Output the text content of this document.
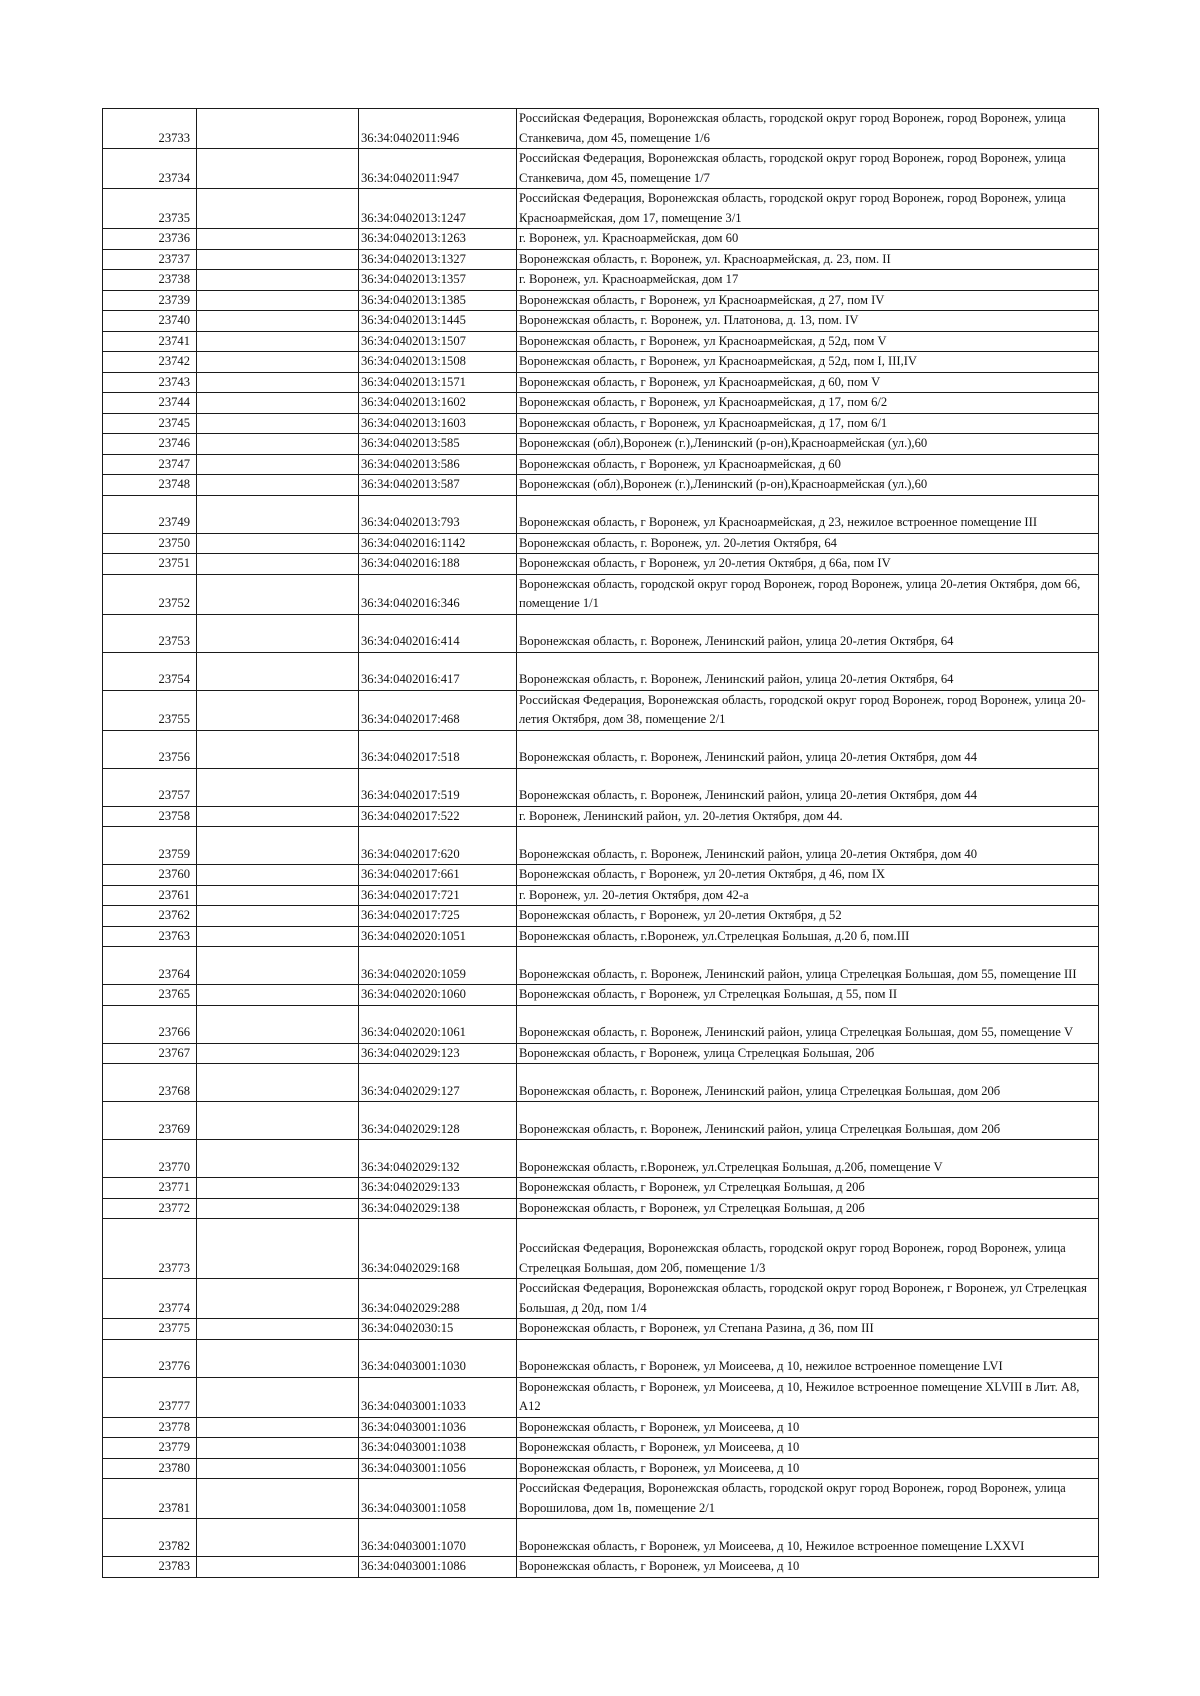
23733		36:34:0402011:946	Российская Федерация, Воронежская область, городской округ город Воронеж, город Воронеж, улица Станкевича, дом 45, помещение 1/6
23734		36:34:0402011:947	Российская Федерация, Воронежская область, городской округ город Воронеж, город Воронеж, улица Станкевича, дом 45, помещение 1/7
23735		36:34:0402013:1247	Российская Федерация, Воронежская область, городской округ город Воронеж, город Воронеж, улица Красноармейская, дом 17, помещение 3/1
23736		36:34:0402013:1263	г. Воронеж, ул. Красноармейская, дом 60
23737		36:34:0402013:1327	Воронежская область, г. Воронеж, ул. Красноармейская, д. 23, пом. II
23738		36:34:0402013:1357	г. Воронеж, ул. Красноармейская, дом 17
23739		36:34:0402013:1385	Воронежская область, г Воронеж, ул Красноармейская, д 27, пом IV
23740		36:34:0402013:1445	Воронежская область, г. Воронеж, ул. Платонова, д. 13, пом. IV
23741		36:34:0402013:1507	Воронежская область, г Воронеж, ул Красноармейская, д 52д, пом V
23742		36:34:0402013:1508	Воронежская область, г Воронеж, ул Красноармейская, д 52д, пом I, III,IV
23743		36:34:0402013:1571	Воронежская область, г Воронеж, ул Красноармейская, д 60, пом V
23744		36:34:0402013:1602	Воронежская область, г Воронеж, ул Красноармейская, д 17, пом 6/2
23745		36:34:0402013:1603	Воронежская область, г Воронеж, ул Красноармейская, д 17, пом 6/1
23746		36:34:0402013:585	Воронежская (обл),Воронеж (г.),Ленинский (р-он),Красноармейская (ул.),60
23747		36:34:0402013:586	Воронежская область, г Воронеж, ул Красноармейская, д 60
23748		36:34:0402013:587	Воронежская (обл),Воронеж (г.),Ленинский (р-он),Красноармейская (ул.),60
23749		36:34:0402013:793	Воронежская область, г Воронеж, ул Красноармейская, д 23, нежилое встроенное помещение III
23750		36:34:0402016:1142	Воронежская область, г. Воронеж, ул. 20-летия Октября, 64
23751		36:34:0402016:188	Воронежская область, г Воронеж, ул 20-летия Октября, д 66а, пом IV
23752		36:34:0402016:346	Воронежская область, городской округ город Воронеж, город Воронеж, улица 20-летия Октября, дом 66, помещение 1/1
23753		36:34:0402016:414	Воронежская область, г. Воронеж, Ленинский район, улица 20-летия Октября, 64
23754		36:34:0402016:417	Воронежская область, г. Воронеж, Ленинский район, улица 20-летия Октября, 64
23755		36:34:0402017:468	Российская Федерация, Воронежская область, городской округ город Воронеж, город Воронеж, улица 20-летия Октября, дом 38, помещение 2/1
23756		36:34:0402017:518	Воронежская область, г. Воронеж, Ленинский район, улица 20-летия Октября, дом 44
23757		36:34:0402017:519	Воронежская область, г. Воронеж, Ленинский район, улица 20-летия Октября, дом 44
23758		36:34:0402017:522	г. Воронеж, Ленинский район, ул. 20-летия Октября, дом 44.
23759		36:34:0402017:620	Воронежская область, г. Воронеж, Ленинский район, улица 20-летия Октября, дом 40
23760		36:34:0402017:661	Воронежская область, г Воронеж, ул 20-летия Октября, д 46, пом IX
23761		36:34:0402017:721	г. Воронеж, ул. 20-летия Октября, дом 42-а
23762		36:34:0402017:725	Воронежская область, г Воронеж, ул 20-летия Октября, д 52
23763		36:34:0402020:1051	Воронежская область, г.Воронеж, ул.Стрелецкая Большая, д.20 б, пом.III
23764		36:34:0402020:1059	Воронежская область, г. Воронеж, Ленинский район, улица Стрелецкая Большая, дом 55, помещение III
23765		36:34:0402020:1060	Воронежская область, г Воронеж, ул Стрелецкая Большая, д 55, пом II
23766		36:34:0402020:1061	Воронежская область, г. Воронеж, Ленинский район, улица Стрелецкая Большая, дом 55, помещение V
23767		36:34:0402029:123	Воронежская область, г Воронеж, улица Стрелецкая Большая, 20б
23768		36:34:0402029:127	Воронежская область, г. Воронеж, Ленинский район, улица Стрелецкая Большая, дом 20б
23769		36:34:0402029:128	Воронежская область, г. Воронеж, Ленинский район, улица Стрелецкая Большая, дом 20б
23770		36:34:0402029:132	Воронежская область, г.Воронеж, ул.Стрелецкая Большая, д.20б, помещение V
23771		36:34:0402029:133	Воронежская область, г Воронеж, ул Стрелецкая Большая, д 20б
23772		36:34:0402029:138	Воронежская область, г Воронеж, ул Стрелецкая Большая, д 20б
23773		36:34:0402029:168	Российская Федерация, Воронежская область, городской округ город Воронеж, город Воронеж, улица Стрелецкая Большая, дом 20б, помещение 1/3
23774		36:34:0402029:288	Российская Федерация, Воронежская область, городской округ город Воронеж, г Воронеж, ул Стрелецкая Большая, д 20д, пом 1/4
23775		36:34:0402030:15	Воронежская область, г Воронеж, ул Степана Разина, д 36, пом III
23776		36:34:0403001:1030	Воронежская область, г Воронеж, ул Моисеева, д 10, нежилое встроенное помещение LVI
23777		36:34:0403001:1033	Воронежская область, г Воронеж, ул Моисеева, д 10, Нежилое встроенное помещение XLVIII в Лит. А8, А12
23778		36:34:0403001:1036	Воронежская область, г Воронеж, ул Моисеева, д 10
23779		36:34:0403001:1038	Воронежская область, г Воронеж, ул Моисеева, д 10
23780		36:34:0403001:1056	Воронежская область, г Воронеж, ул Моисеева, д 10
23781		36:34:0403001:1058	Российская Федерация, Воронежская область, городской округ город Воронеж, город Воронеж, улица Ворошилова, дом 1в, помещение 2/1
23782		36:34:0403001:1070	Воронежская область, г Воронеж, ул Моисеева, д 10, Нежилое встроенное помещение LXXVI
23783		36:34:0403001:1086	Воронежская область, г Воронеж, ул Моисеева, д 10
